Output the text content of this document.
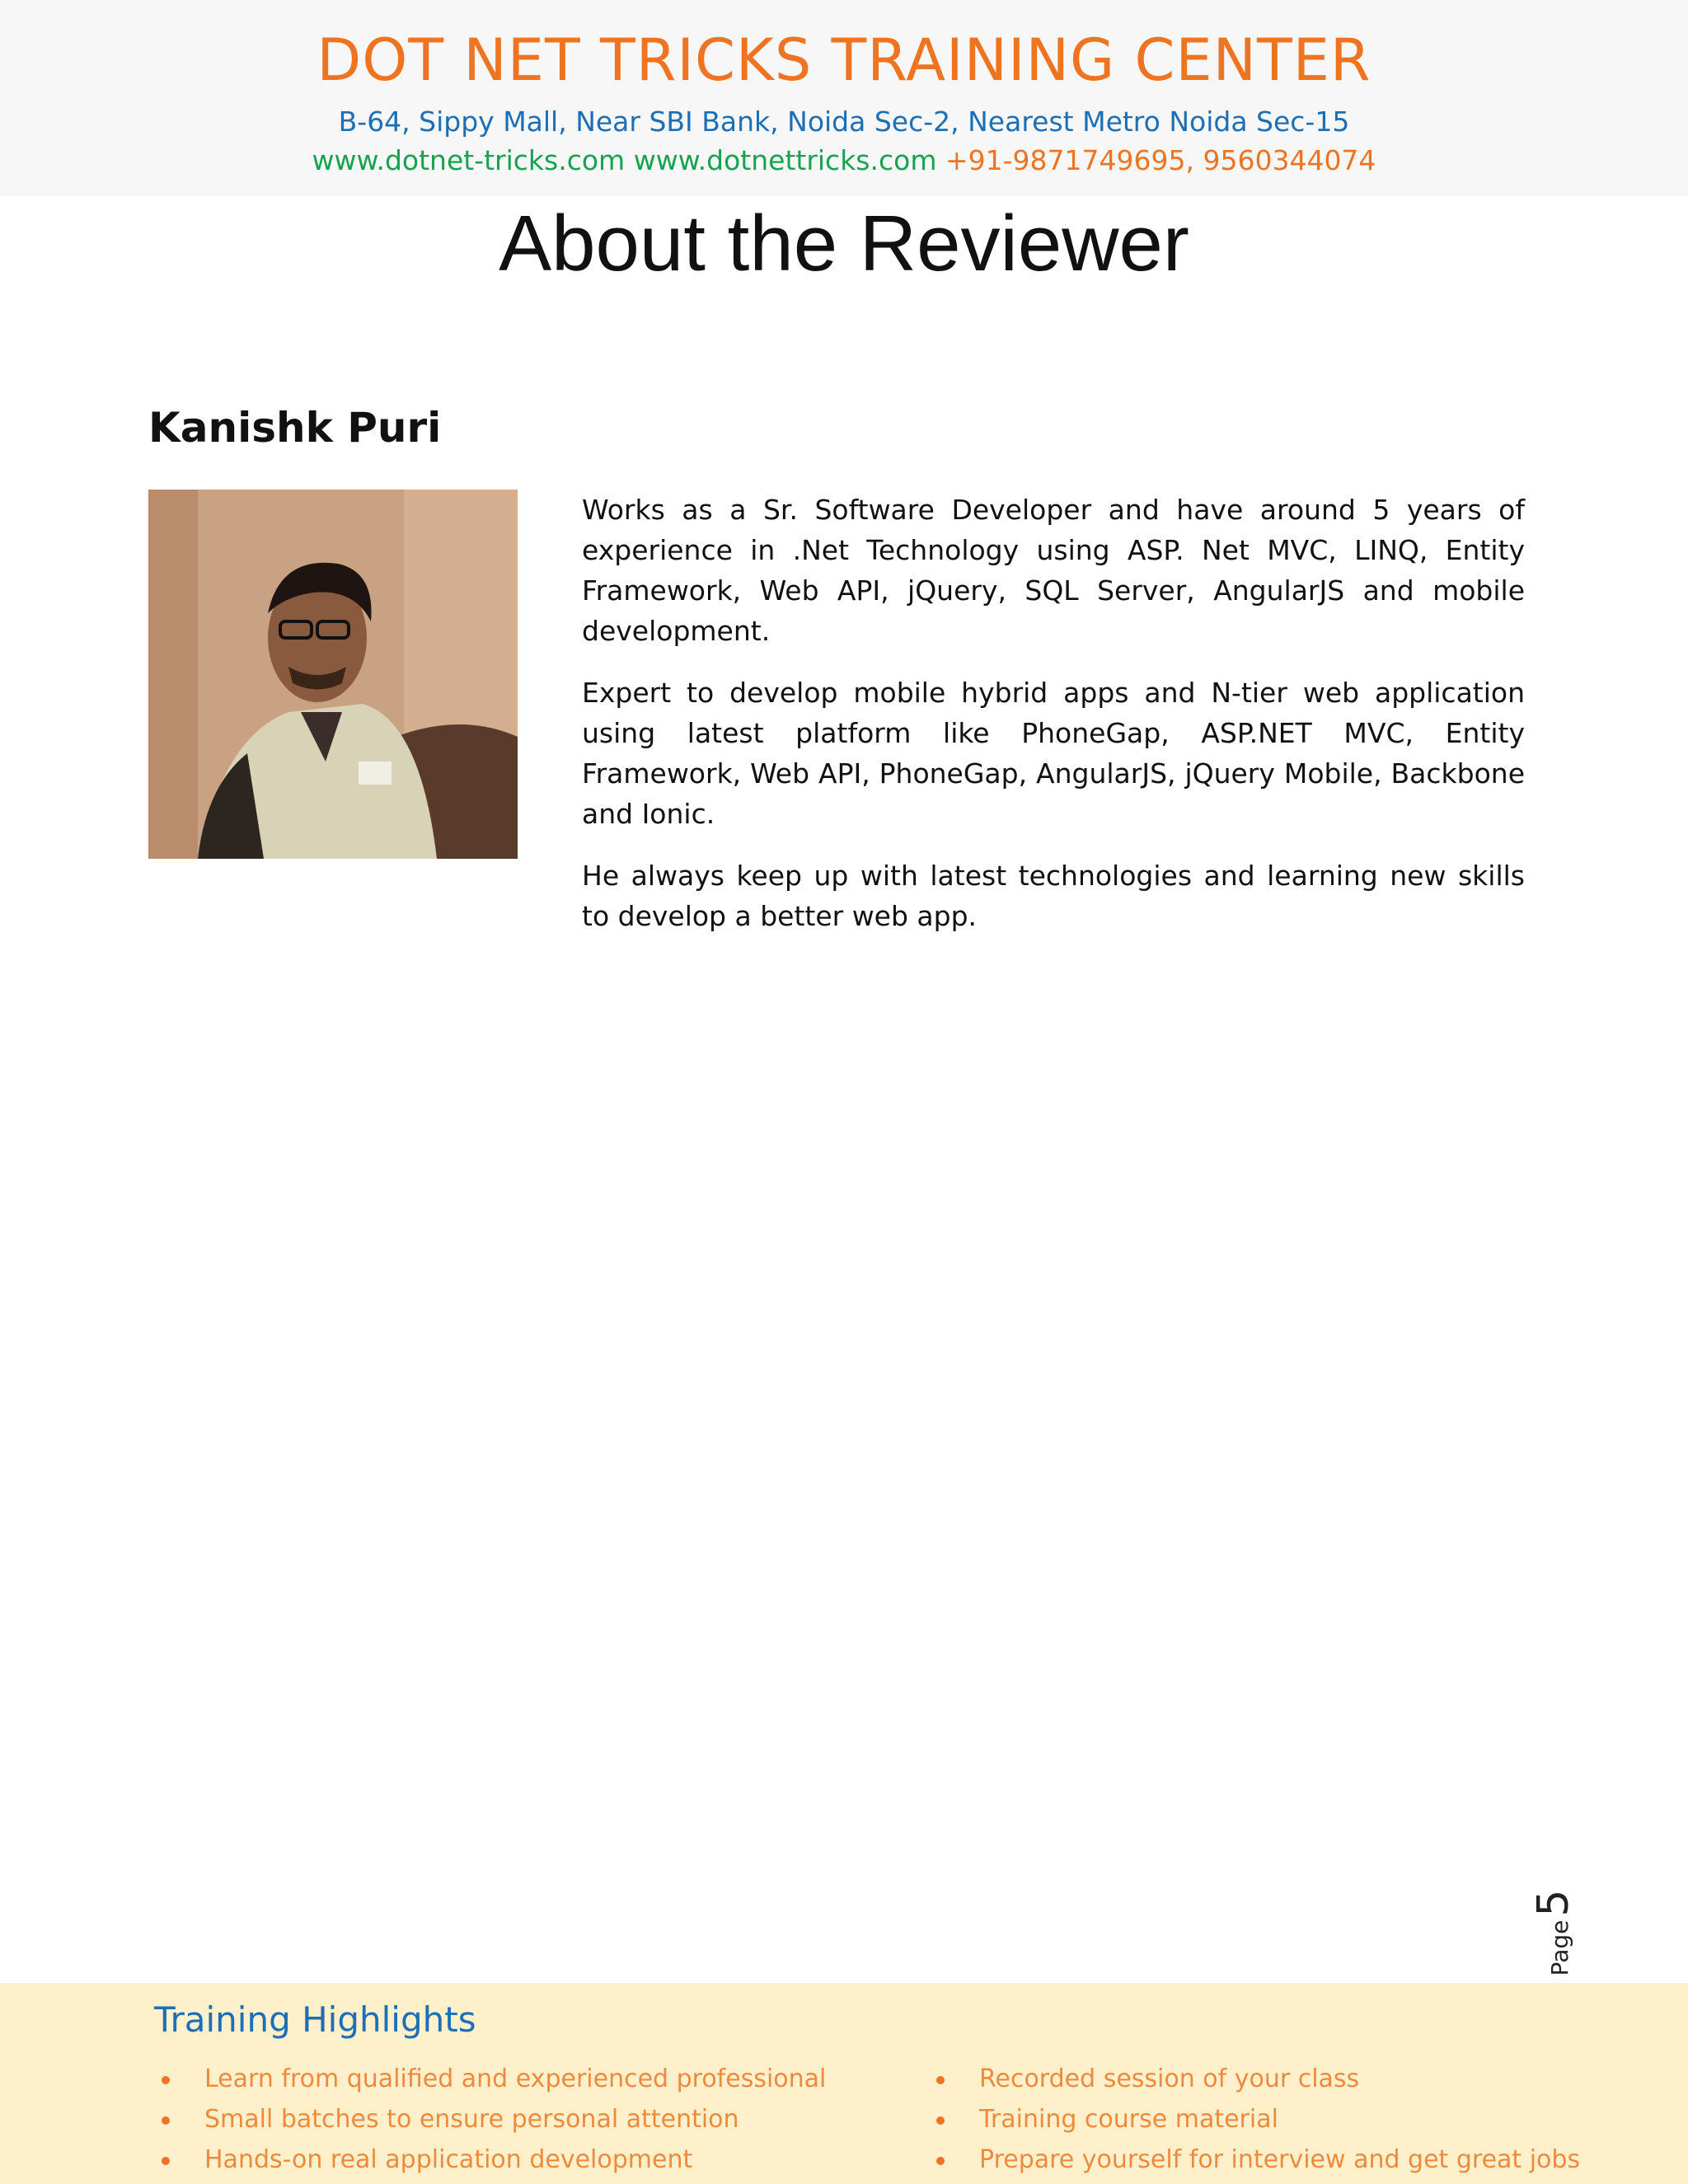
DOT NET TRICKS TRAINING CENTER
B-64, Sippy Mall, Near SBI Bank, Noida Sec-2, Nearest Metro Noida Sec-15
www.dotnet-tricks.com www.dotnettricks.com +91-9871749695, 9560344074
About the Reviewer
Kanishk Puri

Works as a Sr. Software Developer and have around 5 years of experience in .Net Technology using ASP. Net MVC, LINQ, Entity Framework, Web API, jQuery, SQL Server, AngularJS and mobile development.

Expert to develop mobile hybrid apps and N-tier web application using latest platform like PhoneGap, ASP.NET MVC, Entity Framework, Web API, PhoneGap, AngularJS, jQuery Mobile, Backbone and Ionic.

He always keep up with latest technologies and learning new skills to develop a better web app.

Page
5
Training Highlights
Learn from qualified and experienced professional
Small batches to ensure personal attention
Hands-on real application development
Recorded session of your class
Training course material
Prepare yourself for interview and get great jobs
